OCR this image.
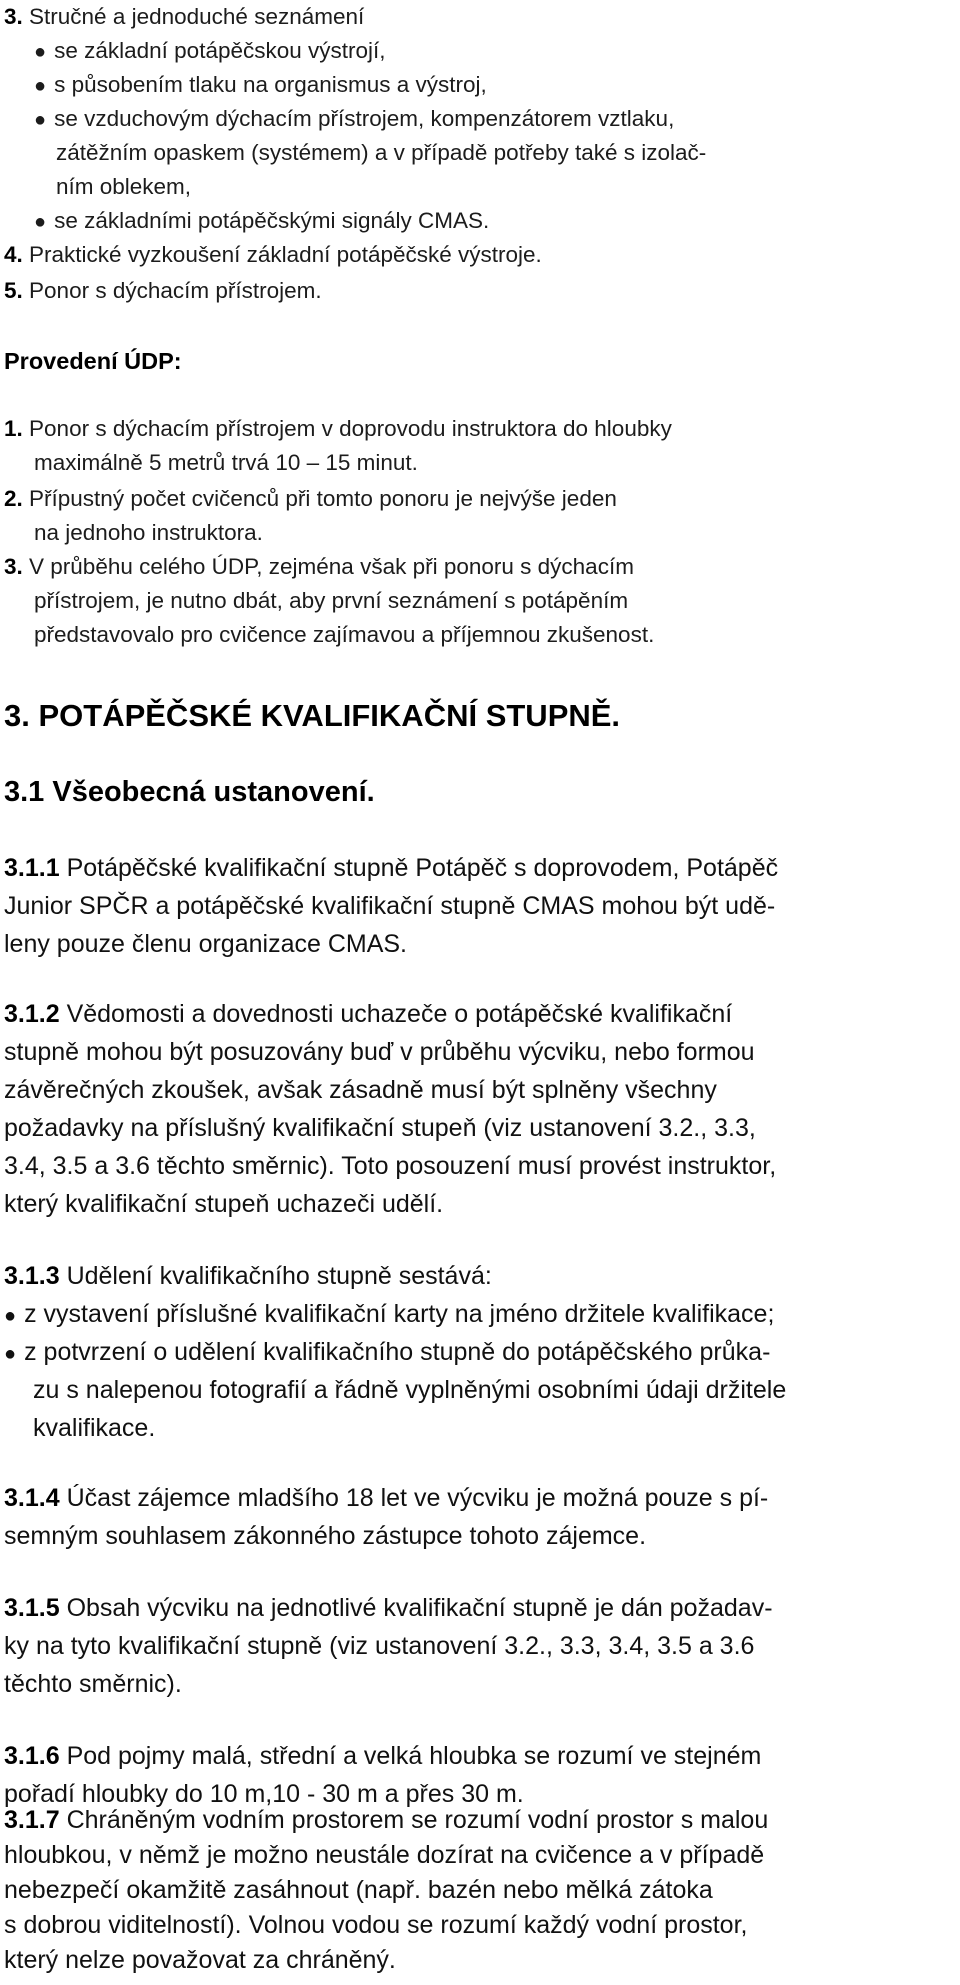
3. Stručné a jednoduché seznámení

● se základní potápěčskou výstrojí,

● s působením tlaku na organismus a výstroj,

● se vzduchovým dýchacím přístrojem, kompenzátorem vztlaku,

zátěžním opaskem (systémem) a v případě potřeby také s izolač-

ním oblekem,

● se základními potápěčskými signály CMAS.

4. Praktické vyzkoušení základní potápěčské výstroje.

5. Ponor s dýchacím přístrojem.

Provedení ÚDP:

1. Ponor s dýchacím přístrojem v doprovodu instruktora do hloubky

maximálně 5 metrů trvá 10 – 15 minut.

2. Přípustný počet cvičenců při tomto ponoru je nejvýše jeden

na jednoho instruktora.

3. V průběhu celého ÚDP, zejména však při ponoru s dýchacím

přístrojem, je nutno dbát, aby první seznámení s potápěním

představovalo pro cvičence zajímavou a příjemnou zkušenost.

3. POTÁPĚČSKÉ KVALIFIKAČNÍ STUPNĚ.

3.1 Všeobecná ustanovení.

3.1.1 Potápěčské kvalifikační stupně Potápěč s doprovodem, Potápěč

Junior SPČR a potápěčské kvalifikační stupně CMAS mohou být udě-

leny pouze členu organizace CMAS.

3.1.2 Vědomosti a dovednosti uchazeče o potápěčské kvalifikační

stupně mohou být posuzovány buď v průběhu výcviku, nebo formou

závěrečných zkoušek, avšak zásadně musí být splněny všechny

požadavky na příslušný kvalifikační stupeň (viz ustanovení 3.2., 3.3,

3.4, 3.5 a 3.6 těchto směrnic). Toto posouzení musí provést instruktor,

který kvalifikační stupeň uchazeči udělí.

3.1.3 Udělení kvalifikačního stupně sestává:

● z vystavení příslušné kvalifikační karty na jméno držitele kvalifikace;

● z potvrzení o udělení kvalifikačního stupně do potápěčského průka-

zu s nalepenou fotografií a řádně vyplněnými osobními údaji držitele

kvalifikace.

3.1.4 Účast zájemce mladšího 18 let ve výcviku je možná pouze s pí-

semným souhlasem zákonného zástupce tohoto zájemce.

3.1.5 Obsah výcviku na jednotlivé kvalifikační stupně je dán požadav-

ky na tyto kvalifikační stupně (viz ustanovení 3.2., 3.3, 3.4, 3.5 a 3.6

těchto směrnic).

3.1.6 Pod pojmy malá, střední a velká hloubka se rozumí ve stejném

pořadí hloubky do 10 m,10 - 30 m a přes 30 m.

3.1.7 Chráněným vodním prostorem se rozumí vodní prostor s malou

hloubkou, v němž je možno neustále dozírat na cvičence a v případě

nebezpečí okamžitě zasáhnout (např. bazén nebo mělká zátoka

s dobrou viditelností). Volnou vodou se rozumí každý vodní prostor,

který nelze považovat za chráněný.
